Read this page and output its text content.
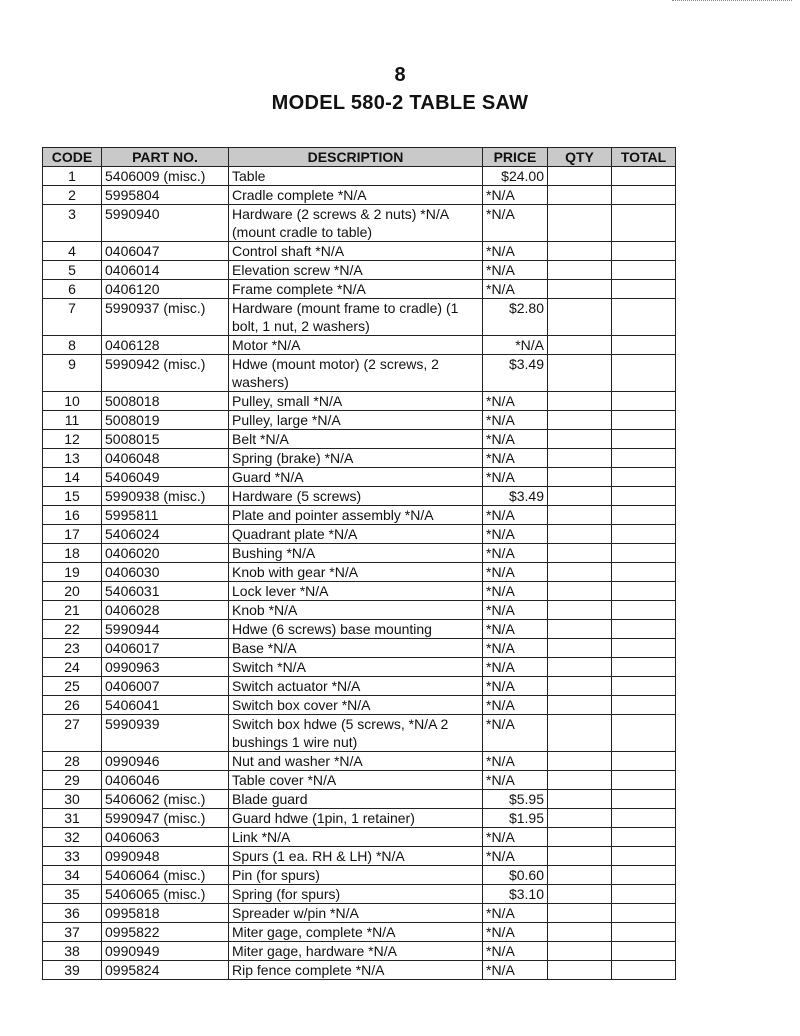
8
MODEL 580-2 TABLE SAW
CODE	PART NO.	DESCRIPTION	PRICE	QTY	TOTAL
1	5406009 (misc.)	Table	$24.00		
2	5995804	Cradle complete *N/A	*N/A		
3	5990940	Hardware (2 screws & 2 nuts) *N/A (mount cradle to table)	*N/A		
4	0406047	Control shaft *N/A	*N/A		
5	0406014	Elevation screw *N/A	*N/A		
6	0406120	Frame complete *N/A	*N/A		
7	5990937 (misc.)	Hardware (mount frame to cradle) (1 bolt, 1 nut, 2 washers)	$2.80		
8	0406128	Motor *N/A	*N/A		
9	5990942 (misc.)	Hdwe (mount motor) (2 screws, 2 washers)	$3.49		
10	5008018	Pulley, small *N/A	*N/A		
11	5008019	Pulley, large *N/A	*N/A		
12	5008015	Belt *N/A	*N/A		
13	0406048	Spring (brake) *N/A	*N/A		
14	5406049	Guard *N/A	*N/A		
15	5990938 (misc.)	Hardware (5 screws)	$3.49		
16	5995811	Plate and pointer assembly *N/A	*N/A		
17	5406024	Quadrant plate *N/A	*N/A		
18	0406020	Bushing *N/A	*N/A		
19	0406030	Knob with gear *N/A	*N/A		
20	5406031	Lock lever *N/A	*N/A		
21	0406028	Knob *N/A	*N/A		
22	5990944	Hdwe (6 screws) base mounting	*N/A		
23	0406017	Base *N/A	*N/A		
24	0990963	Switch *N/A	*N/A		
25	0406007	Switch actuator *N/A	*N/A		
26	5406041	Switch box cover *N/A	*N/A		
27	5990939	Switch box hdwe (5 screws, *N/A 2 bushings 1 wire nut)	*N/A		
28	0990946	Nut and washer *N/A	*N/A		
29	0406046	Table cover *N/A	*N/A		
30	5406062 (misc.)	Blade guard	$5.95		
31	5990947 (misc.)	Guard hdwe (1pin, 1 retainer)	$1.95		
32	0406063	Link *N/A	*N/A		
33	0990948	Spurs (1 ea. RH & LH) *N/A	*N/A		
34	5406064 (misc.)	Pin (for spurs)	$0.60		
35	5406065 (misc.)	Spring (for spurs)	$3.10		
36	0995818	Spreader w/pin *N/A	*N/A		
37	0995822	Miter gage, complete *N/A	*N/A		
38	0990949	Miter gage, hardware *N/A	*N/A		
39	0995824	Rip fence complete *N/A	*N/A		
